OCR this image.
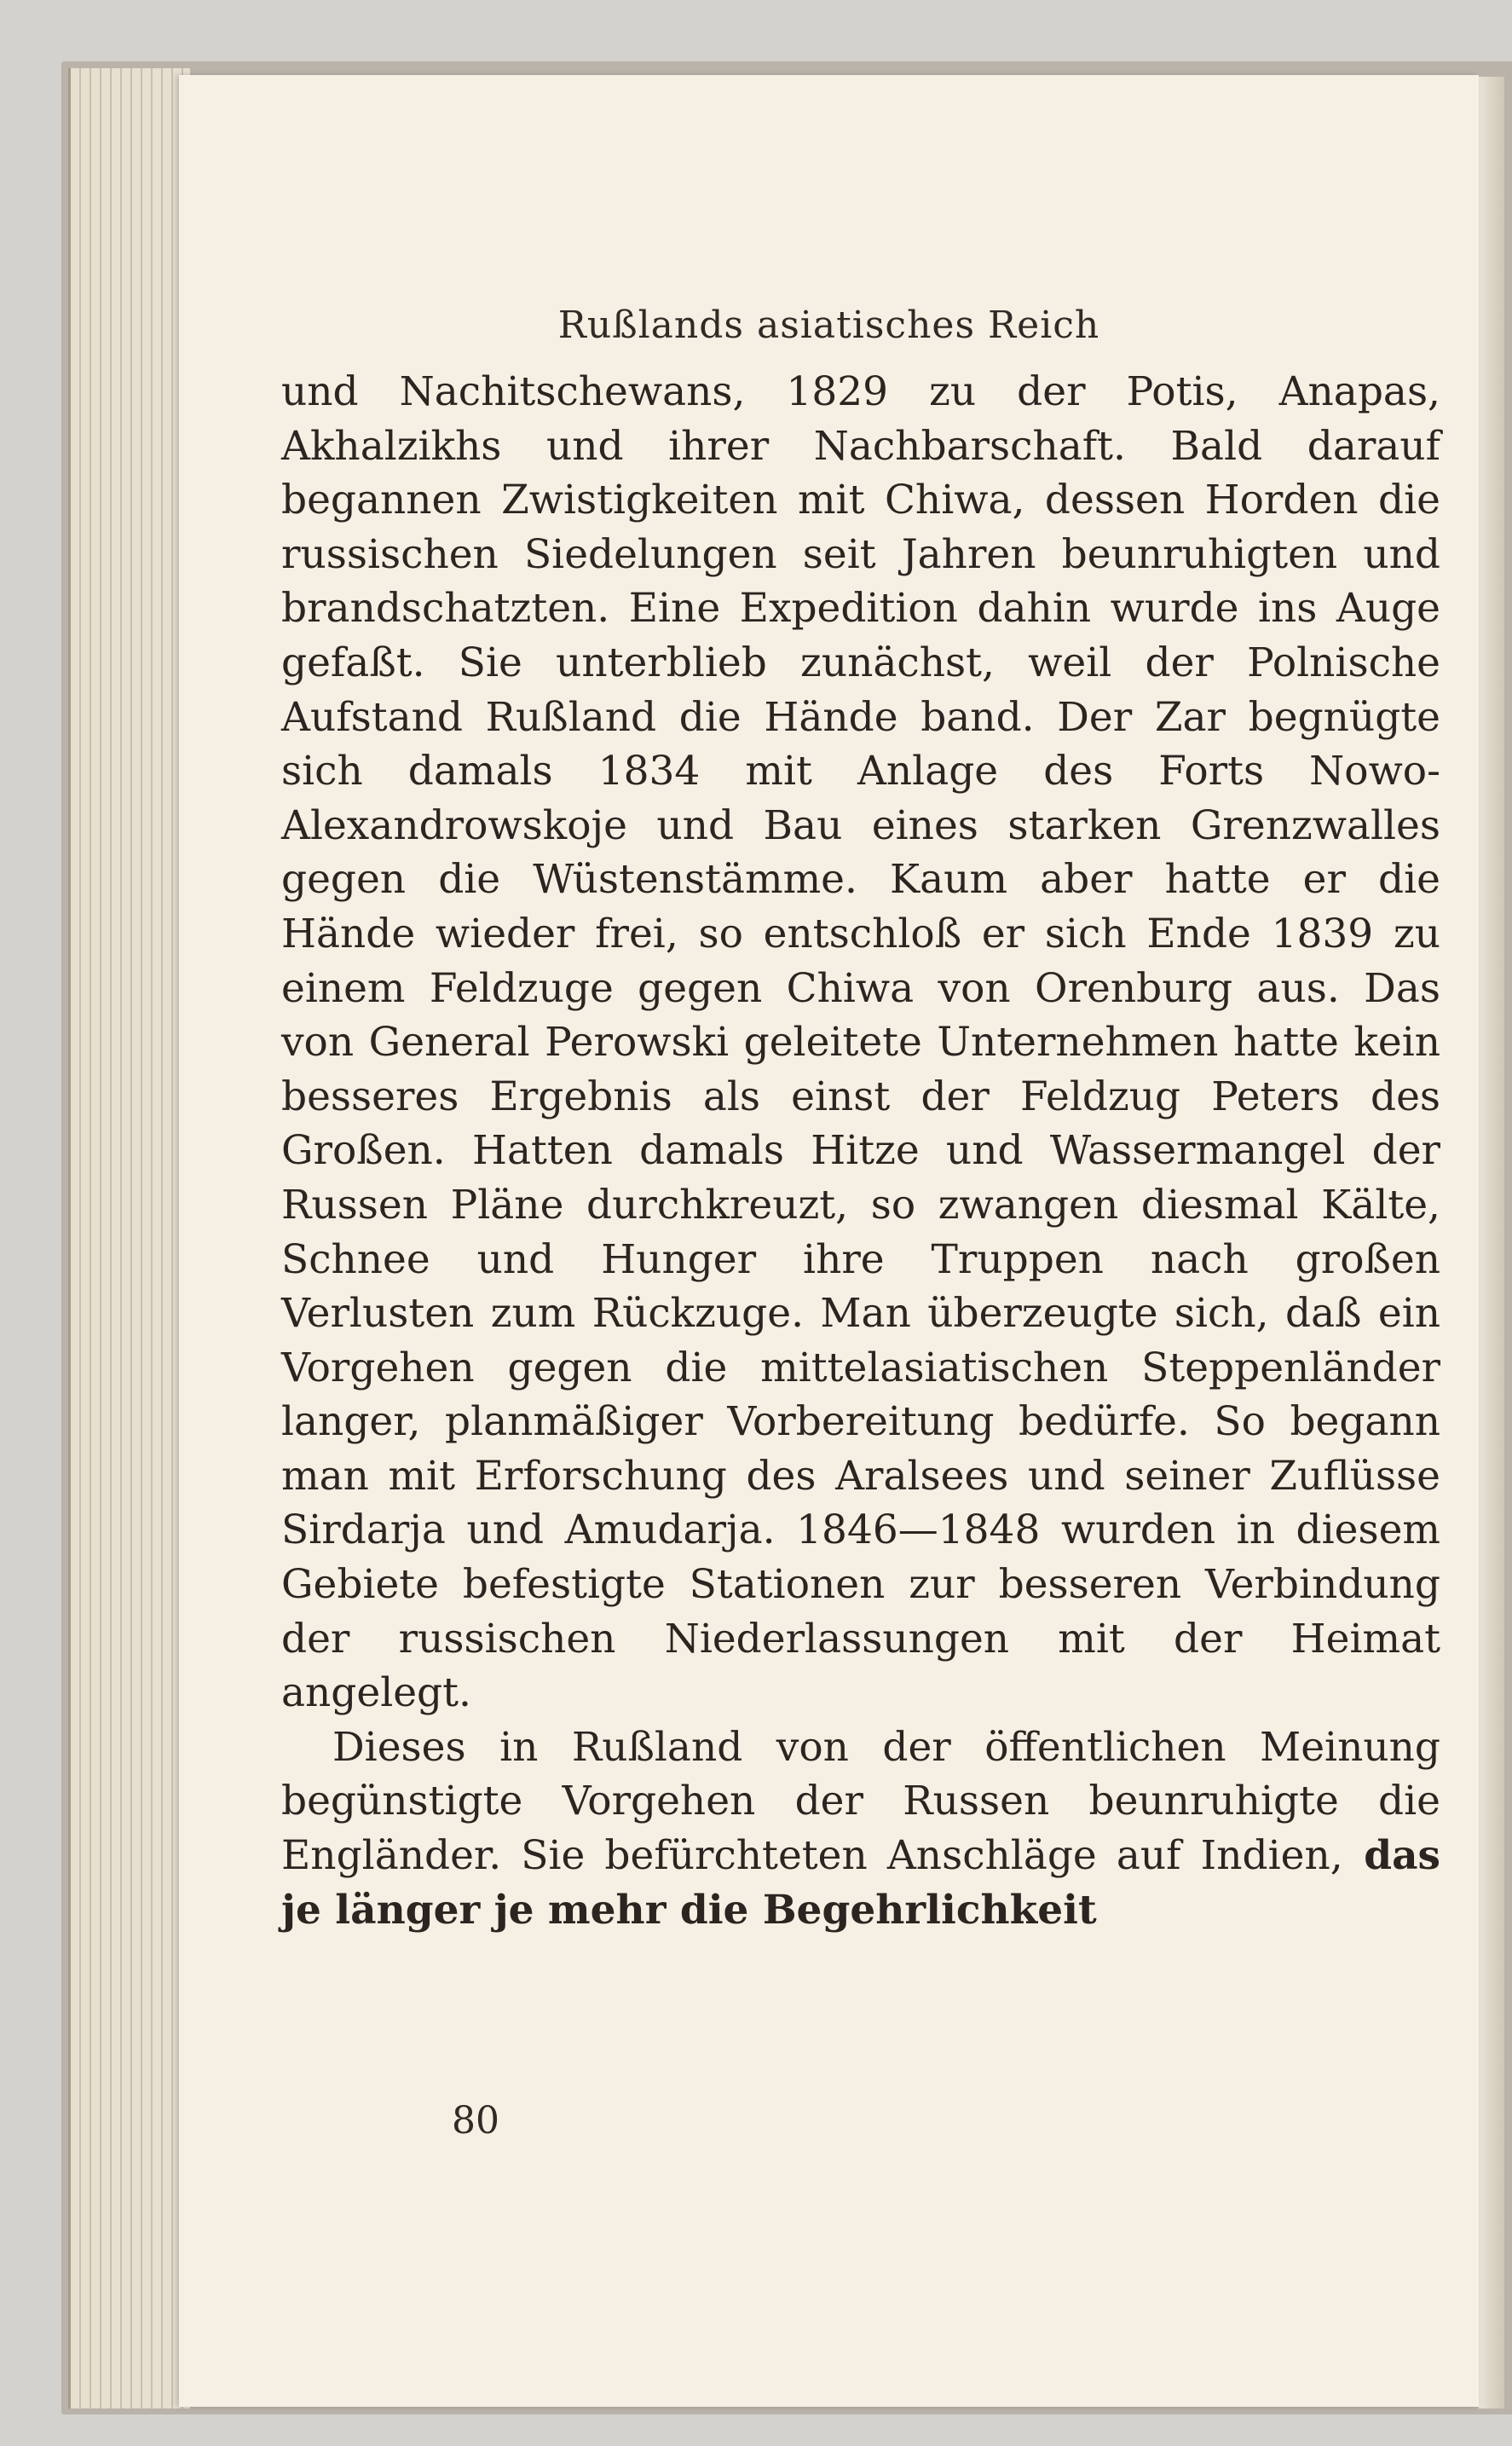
Rußlands asiatisches Reich

und Nachitschewans, 1829 zu der Potis, Anapas, Akhalzikhs und ihrer Nachbarschaft. Bald darauf begannen Zwistigkeiten mit Chiwa, dessen Horden die russischen Siedelungen seit Jahren beunruhigten und brandschatzten. Eine Expedition dahin wurde ins Auge gefaßt. Sie unterblieb zunächst, weil der Polnische Aufstand Rußland die Hände band. Der Zar begnügte sich damals 1834 mit Anlage des Forts Nowo-Alexandrowskoje und Bau eines starken Grenzwalles gegen die Wüstenstämme. Kaum aber hatte er die Hände wieder frei, so entschloß er sich Ende 1839 zu einem Feldzuge gegen Chiwa von Orenburg aus. Das von General Perowski geleitete Unternehmen hatte kein besseres Ergebnis als einst der Feldzug Peters des Großen. Hatten damals Hitze und Wassermangel der Russen Pläne durchkreuzt, so zwangen diesmal Kälte, Schnee und Hunger ihre Truppen nach großen Verlusten zum Rückzuge. Man überzeugte sich, daß ein Vorgehen gegen die mittelasiatischen Steppenländer langer, planmäßiger Vorbereitung bedürfe. So begann man mit Erforschung des Aralsees und seiner Zuflüsse Sirdarja und Amudarja. 1846—1848 wurden in diesem Gebiete befestigte Stationen zur besseren Verbindung der russischen Niederlassungen mit der Heimat angelegt.

Dieses in Rußland von der öffentlichen Meinung begünstigte Vorgehen der Russen beunruhigte die Engländer. Sie befürchteten Anschläge auf Indien, das je länger je mehr die Begehrlichkeit

80
